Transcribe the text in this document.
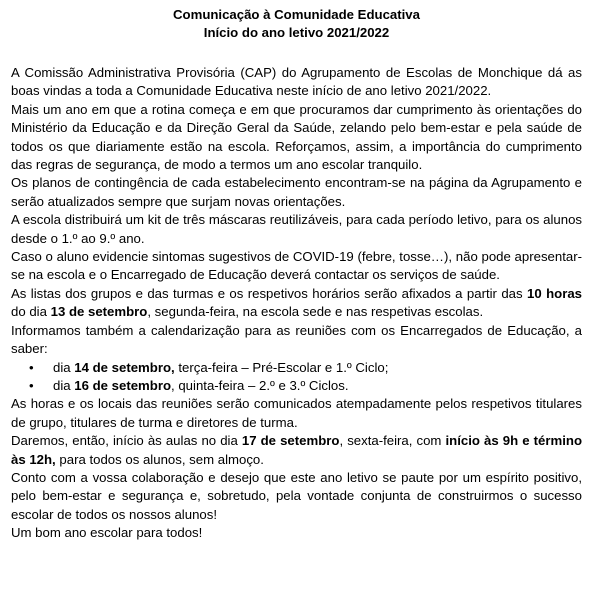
Comunicação à Comunidade Educativa
Início do ano letivo 2021/2022

A Comissão Administrativa Provisória (CAP) do Agrupamento de Escolas de Monchique dá as boas vindas a toda a Comunidade Educativa neste início de ano letivo 2021/2022.

Mais um ano em que a rotina começa e em que procuramos dar cumprimento às orientações do Ministério da Educação e da Direção Geral da Saúde, zelando pelo bem-estar e pela saúde de todos os que diariamente estão na escola. Reforçamos, assim, a importância do cumprimento das regras de segurança, de modo a termos um ano escolar tranquilo.

Os planos de contingência de cada estabelecimento encontram-se na página da Agrupamento e serão atualizados sempre que surjam novas orientações.

A escola distribuirá um kit de três máscaras reutilizáveis, para cada período letivo, para os alunos desde o 1.º ao 9.º ano.

Caso o aluno evidencie sintomas sugestivos de COVID-19 (febre, tosse…), não pode apresentar-se na escola e o Encarregado de Educação deverá contactar os serviços de saúde.

As listas dos grupos e das turmas e os respetivos horários serão afixados a partir das 10 horas do dia 13 de setembro, segunda-feira, na escola sede e nas respetivas escolas.

Informamos também a calendarização para as reuniões com os Encarregados de Educação, a saber:

• dia 14 de setembro, terça-feira – Pré-Escolar e 1.º Ciclo;
• dia 16 de setembro, quinta-feira – 2.º e 3.º Ciclos.

As horas e os locais das reuniões serão comunicados atempadamente pelos respetivos titulares de grupo, titulares de turma e diretores de turma.

Daremos, então, início às aulas no dia 17 de setembro, sexta-feira, com início às 9h e término às 12h, para todos os alunos, sem almoço.

Conto com a vossa colaboração e desejo que este ano letivo se paute por um espírito positivo, pelo bem-estar e segurança e, sobretudo, pela vontade conjunta de construirmos o sucesso escolar de todos os nossos alunos!

Um bom ano escolar para todos!
